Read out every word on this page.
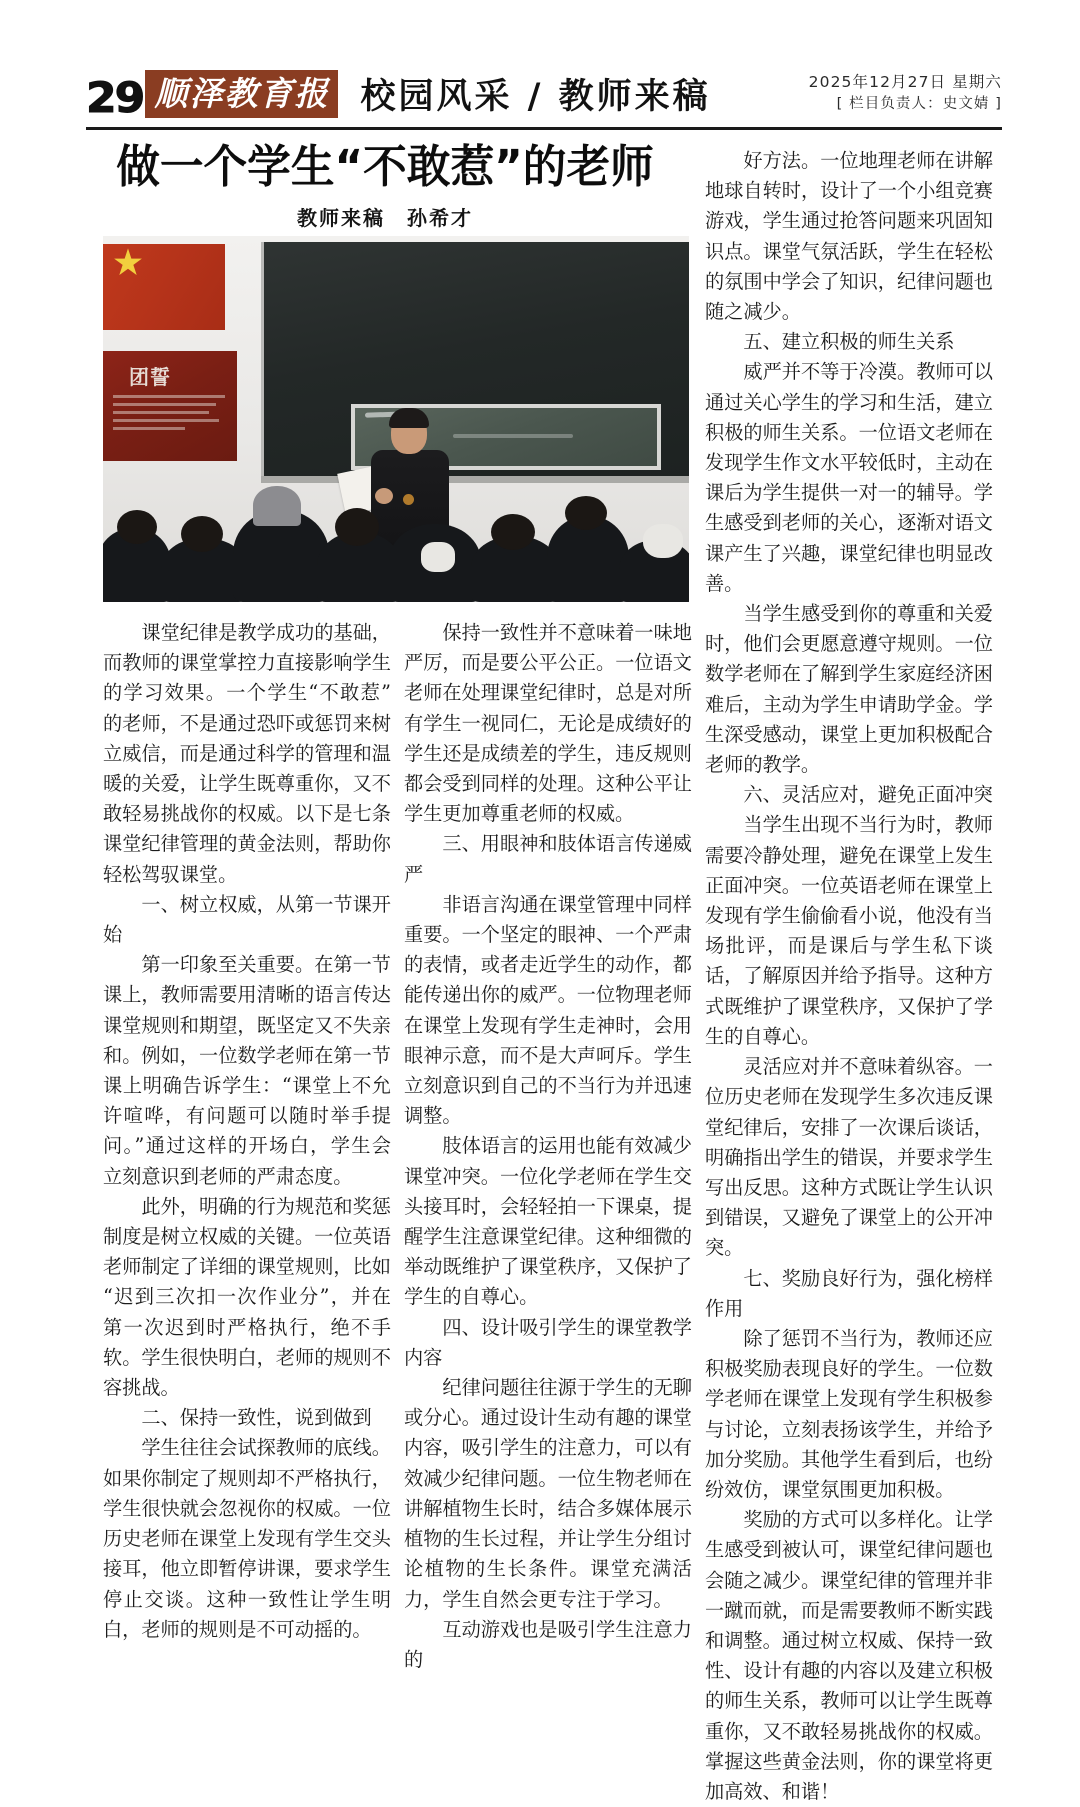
29 顺泽教育报 校园风采 / 教师来稿	2025年12月27日 星期六
[ 栏目负责人：史文婧 ]
做一个学生“不敢惹”的老师
教师来稿　孙希才
团誓

课堂纪律是教学成功的基础，而教师的课堂掌控力直接影响学生的学习效果。一个学生“不敢惹”的老师，不是通过恐吓或惩罚来树立威信，而是通过科学的管理和温暖的关爱，让学生既尊重你，又不敢轻易挑战你的权威。以下是七条课堂纪律管理的黄金法则，帮助你轻松驾驭课堂。

一、树立权威，从第一节课开始

第一印象至关重要。在第一节课上，教师需要用清晰的语言传达课堂规则和期望，既坚定又不失亲和。例如，一位数学老师在第一节课上明确告诉学生：“课堂上不允许喧哗，有问题可以随时举手提问。”通过这样的开场白，学生会立刻意识到老师的严肃态度。

此外，明确的行为规范和奖惩制度是树立权威的关键。一位英语老师制定了详细的课堂规则，比如“迟到三次扣一次作业分”，并在第一次迟到时严格执行，绝不手软。学生很快明白，老师的规则不容挑战。

二、保持一致性，说到做到

学生往往会试探教师的底线。如果你制定了规则却不严格执行，学生很快就会忽视你的权威。一位历史老师在课堂上发现有学生交头接耳，他立即暂停讲课，要求学生停止交谈。这种一致性让学生明白，老师的规则是不可动摇的。

保持一致性并不意味着一味地严厉，而是要公平公正。一位语文老师在处理课堂纪律时，总是对所有学生一视同仁，无论是成绩好的学生还是成绩差的学生，违反规则都会受到同样的处理。这种公平让学生更加尊重老师的权威。

三、用眼神和肢体语言传递威严

非语言沟通在课堂管理中同样重要。一个坚定的眼神、一个严肃的表情，或者走近学生的动作，都能传递出你的威严。一位物理老师在课堂上发现有学生走神时，会用眼神示意，而不是大声呵斥。学生立刻意识到自己的不当行为并迅速调整。

肢体语言的运用也能有效减少课堂冲突。一位化学老师在学生交头接耳时，会轻轻拍一下课桌，提醒学生注意课堂纪律。这种细微的举动既维护了课堂秩序，又保护了学生的自尊心。

四、设计吸引学生的课堂教学内容

纪律问题往往源于学生的无聊或分心。通过设计生动有趣的课堂内容，吸引学生的注意力，可以有效减少纪律问题。一位生物老师在讲解植物生长时，结合多媒体展示植物的生长过程，并让学生分组讨论植物的生长条件。课堂充满活力，学生自然会更专注于学习。

互动游戏也是吸引学生注意力的

好方法。一位地理老师在讲解地球自转时，设计了一个小组竞赛游戏，学生通过抢答问题来巩固知识点。课堂气氛活跃，学生在轻松的氛围中学会了知识，纪律问题也随之减少。

五、建立积极的师生关系

威严并不等于冷漠。教师可以通过关心学生的学习和生活，建立积极的师生关系。一位语文老师在发现学生作文水平较低时，主动在课后为学生提供一对一的辅导。学生感受到老师的关心，逐渐对语文课产生了兴趣，课堂纪律也明显改善。

当学生感受到你的尊重和关爱时，他们会更愿意遵守规则。一位数学老师在了解到学生家庭经济困难后，主动为学生申请助学金。学生深受感动，课堂上更加积极配合老师的教学。

六、灵活应对，避免正面冲突

当学生出现不当行为时，教师需要冷静处理，避免在课堂上发生正面冲突。一位英语老师在课堂上发现有学生偷偷看小说，他没有当场批评，而是课后与学生私下谈话，了解原因并给予指导。这种方式既维护了课堂秩序，又保护了学生的自尊心。

灵活应对并不意味着纵容。一位历史老师在发现学生多次违反课堂纪律后，安排了一次课后谈话，明确指出学生的错误，并要求学生写出反思。这种方式既让学生认识到错误，又避免了课堂上的公开冲突。

七、奖励良好行为，强化榜样作用

除了惩罚不当行为，教师还应积极奖励表现良好的学生。一位数学老师在课堂上发现有学生积极参与讨论，立刻表扬该学生，并给予加分奖励。其他学生看到后，也纷纷效仿，课堂氛围更加积极。

奖励的方式可以多样化。让学生感受到被认可，课堂纪律问题也会随之减少。课堂纪律的管理并非一蹴而就，而是需要教师不断实践和调整。通过树立权威、保持一致性、设计有趣的内容以及建立积极的师生关系，教师可以让学生既尊重你，又不敢轻易挑战你的权威。掌握这些黄金法则，你的课堂将更加高效、和谐！
